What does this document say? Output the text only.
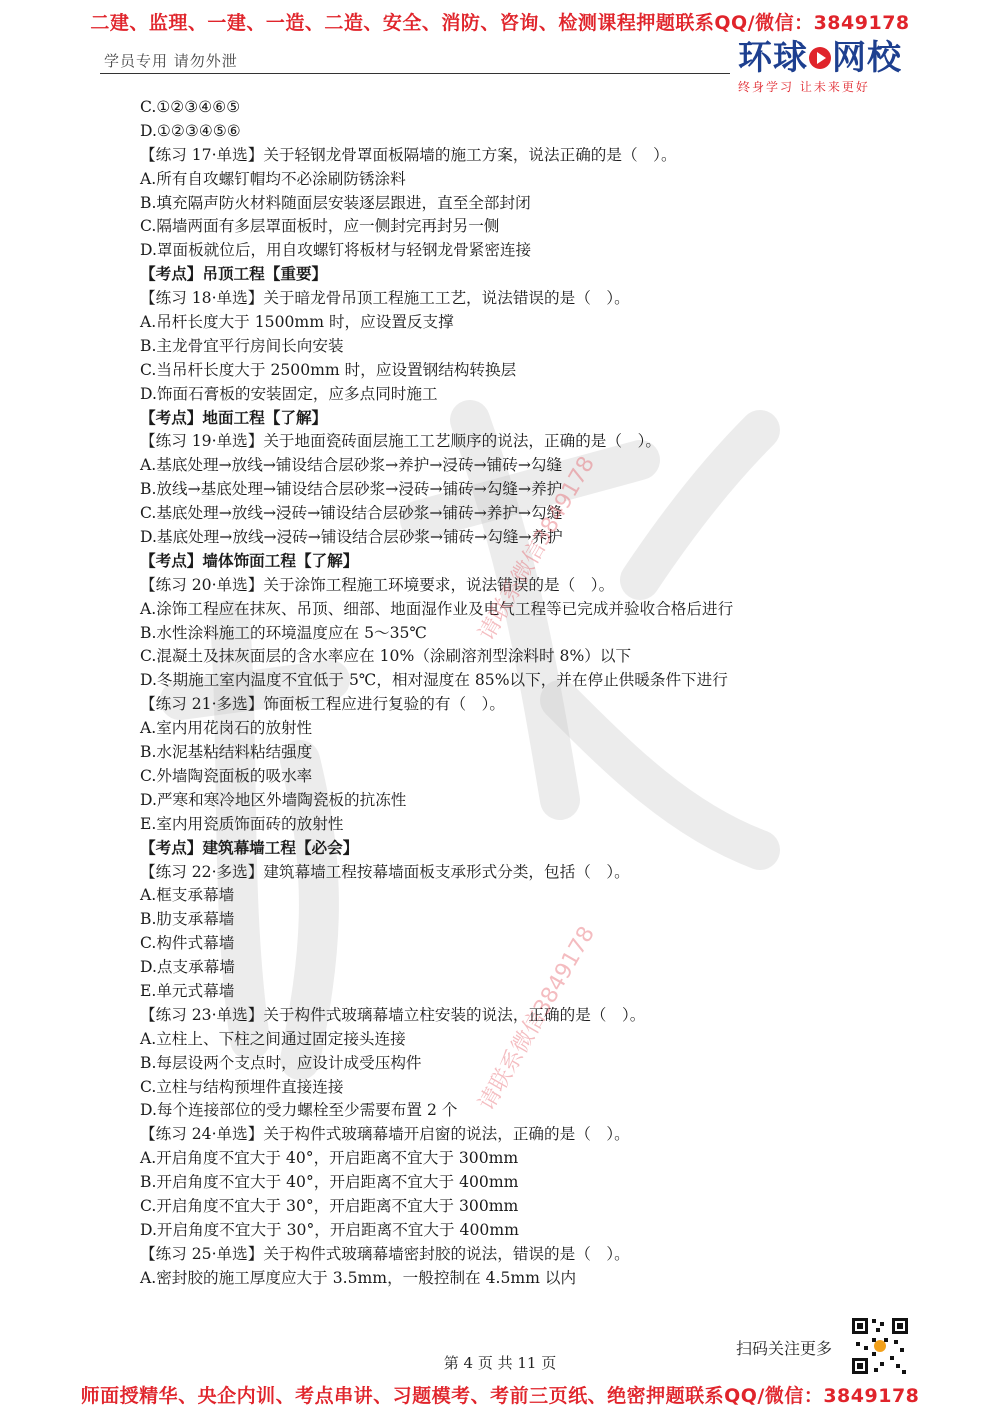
二建、监理、一建、一造、二造、安全、消防、咨询、检测课程押题联系QQ/微信：3849178
学员专用 请勿外泄	环球 网校
终身学习 让未来更好
C.①②③④⑥⑤
D.①②③④⑤⑥
【练习 17·单选】关于轻钢龙骨罩面板隔墙的施工方案，说法正确的是（　）。
A.所有自攻螺钉帽均不必涂刷防锈涂料
B.填充隔声防火材料随面层安装逐层跟进，直至全部封闭
C.隔墙两面有多层罩面板时，应一侧封完再封另一侧
D.罩面板就位后，用自攻螺钉将板材与轻钢龙骨紧密连接
【考点】吊顶工程【重要】
【练习 18·单选】关于暗龙骨吊顶工程施工工艺，说法错误的是（　）。
A.吊杆长度大于 1500mm 时，应设置反支撑
B.主龙骨宜平行房间长向安装
C.当吊杆长度大于 2500mm 时，应设置钢结构转换层
D.饰面石膏板的安装固定，应多点同时施工
【考点】地面工程【了解】
【练习 19·单选】关于地面瓷砖面层施工工艺顺序的说法，正确的是（　）。
A.基底处理→放线→铺设结合层砂浆→养护→浸砖→铺砖→勾缝
B.放线→基底处理→铺设结合层砂浆→浸砖→铺砖→勾缝→养护
C.基底处理→放线→浸砖→铺设结合层砂浆→铺砖→养护→勾缝
D.基底处理→放线→浸砖→铺设结合层砂浆→铺砖→勾缝→养护
【考点】墙体饰面工程【了解】
【练习 20·单选】关于涂饰工程施工环境要求，说法错误的是（　）。
A.涂饰工程应在抹灰、吊顶、细部、地面湿作业及电气工程等已完成并验收合格后进行
B.水性涂料施工的环境温度应在 5～35℃
C.混凝土及抹灰面层的含水率应在 10%（涂刷溶剂型涂料时 8%）以下
D.冬期施工室内温度不宜低于 5℃，相对湿度在 85%以下，并在停止供暖条件下进行
【练习 21·多选】饰面板工程应进行复验的有（　）。
A.室内用花岗石的放射性
B.水泥基粘结料粘结强度
C.外墙陶瓷面板的吸水率
D.严寒和寒冷地区外墙陶瓷板的抗冻性
E.室内用瓷质饰面砖的放射性
【考点】建筑幕墙工程【必会】
【练习 22·多选】建筑幕墙工程按幕墙面板支承形式分类，包括（　）。
A.框支承幕墙
B.肋支承幕墙
C.构件式幕墙
D.点支承幕墙
E.单元式幕墙
【练习 23·单选】关于构件式玻璃幕墙立柱安装的说法，正确的是（　）。
A.立柱上、下柱之间通过固定接头连接
B.每层设两个支点时，应设计成受压构件
C.立柱与结构预埋件直接连接
D.每个连接部位的受力螺栓至少需要布置 2 个
【练习 24·单选】关于构件式玻璃幕墙开启窗的说法，正确的是（　）。
A.开启角度不宜大于 40°，开启距离不宜大于 300mm
B.开启角度不宜大于 40°，开启距离不宜大于 400mm
C.开启角度不宜大于 30°，开启距离不宜大于 300mm
D.开启角度不宜大于 30°，开启距离不宜大于 400mm
【练习 25·单选】关于构件式玻璃幕墙密封胶的说法，错误的是（　）。
A.密封胶的施工厚度应大于 3.5mm，一般控制在 4.5mm 以内
请联系微信3849178
请联系微信3849178
扫码关注更多
第 4 页 共 11 页
师面授精华、央企内训、考点串讲、习题模考、考前三页纸、绝密押题联系QQ/微信：3849178
